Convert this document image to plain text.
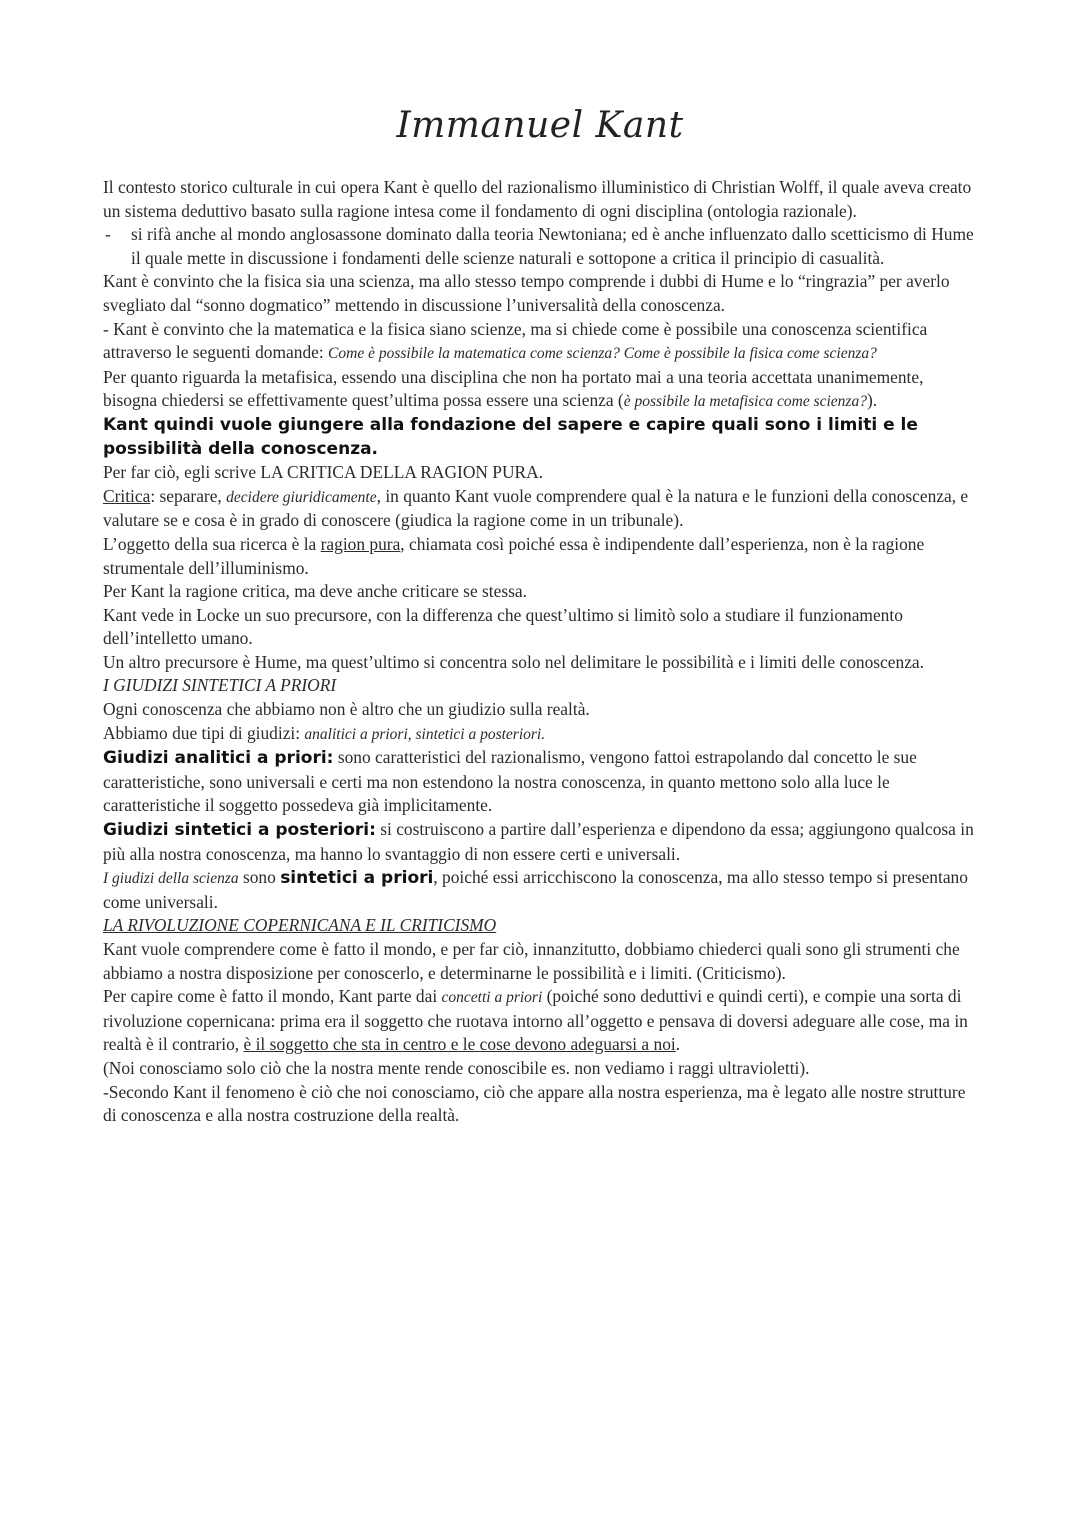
Immanuel Kant

Il contesto storico culturale in cui opera Kant è quello del razionalismo illuministico di Christian Wolff, il quale aveva creato un sistema deduttivo basato sulla ragione intesa come il fondamento di ogni disciplina (ontologia razionale).

- si rifà anche al mondo anglosassone dominato dalla teoria Newtoniana; ed è anche influenzato dallo scetticismo di Hume il quale mette in discussione i fondamenti delle scienze naturali e sottopone a critica il principio di casualità.

Kant è convinto che la fisica sia una scienza, ma allo stesso tempo comprende i dubbi di Hume e lo “ringrazia” per averlo svegliato dal “sonno dogmatico” mettendo in discussione l’universalità della conoscenza.

- Kant è convinto che la matematica e la fisica siano scienze, ma si chiede come è possibile una conoscenza scientifica attraverso le seguenti domande: Come è possibile la matematica come scienza? Come è possibile la fisica come scienza?

Per quanto riguarda la metafisica, essendo una disciplina che non ha portato mai a una teoria accettata unanimemente, bisogna chiedersi se effettivamente quest’ultima possa essere una scienza (è possibile la metafisica come scienza?).

Kant quindi vuole giungere alla fondazione del sapere e capire quali sono i limiti e le possibilità della conoscenza.

Per far ciò, egli scrive LA CRITICA DELLA RAGION PURA.

Critica: separare, decidere giuridicamente, in quanto Kant vuole comprendere qual è la natura e le funzioni della conoscenza, e valutare se e cosa è in grado di conoscere (giudica la ragione come in un tribunale).

L’oggetto della sua ricerca è la ragion pura, chiamata così poiché essa è indipendente dall’esperienza, non è la ragione strumentale dell’illuminismo.

Per Kant la ragione critica, ma deve anche criticare se stessa.

Kant vede in Locke un suo precursore, con la differenza che quest’ultimo si limitò solo a studiare il funzionamento dell’intelletto umano.

Un altro precursore è Hume, ma quest’ultimo si concentra solo nel delimitare le possibilità e i limiti delle conoscenza.

I GIUDIZI SINTETICI A PRIORI

Ogni conoscenza che abbiamo non è altro che un giudizio sulla realtà.

Abbiamo due tipi di giudizi: analitici a priori, sintetici a posteriori.

Giudizi analitici a priori: sono caratteristici del razionalismo, vengono fattoi estrapolando dal concetto le sue caratteristiche, sono universali e certi ma non estendono la nostra conoscenza, in quanto mettono solo alla luce le caratteristiche il soggetto possedeva già implicitamente.

Giudizi sintetici a posteriori: si costruiscono a partire dall’esperienza e dipendono da essa; aggiungono qualcosa in più alla nostra conoscenza, ma hanno lo svantaggio di non essere certi e universali.

I giudizi della scienza sono sintetici a priori, poiché essi arricchiscono la conoscenza, ma allo stesso tempo si presentano come universali.

LA RIVOLUZIONE COPERNICANA E IL CRITICISMO

Kant vuole comprendere come è fatto il mondo, e per far ciò, innanzitutto, dobbiamo chiederci quali sono gli strumenti che abbiamo a nostra disposizione per conoscerlo, e determinarne le possibilità e i limiti. (Criticismo).

Per capire come è fatto il mondo, Kant parte dai concetti a priori (poiché sono deduttivi e quindi certi), e compie una sorta di rivoluzione copernicana: prima era il soggetto che ruotava intorno all’oggetto e pensava di doversi adeguare alle cose, ma in realtà è il contrario, è il soggetto che sta in centro e le cose devono adeguarsi a noi.

(Noi conosciamo solo ciò che la nostra mente rende conoscibile es. non vediamo i raggi ultravioletti).

-Secondo Kant il fenomeno è ciò che noi conosciamo, ciò che appare alla nostra esperienza, ma è legato alle nostre strutture di conoscenza e alla nostra costruzione della realtà.
